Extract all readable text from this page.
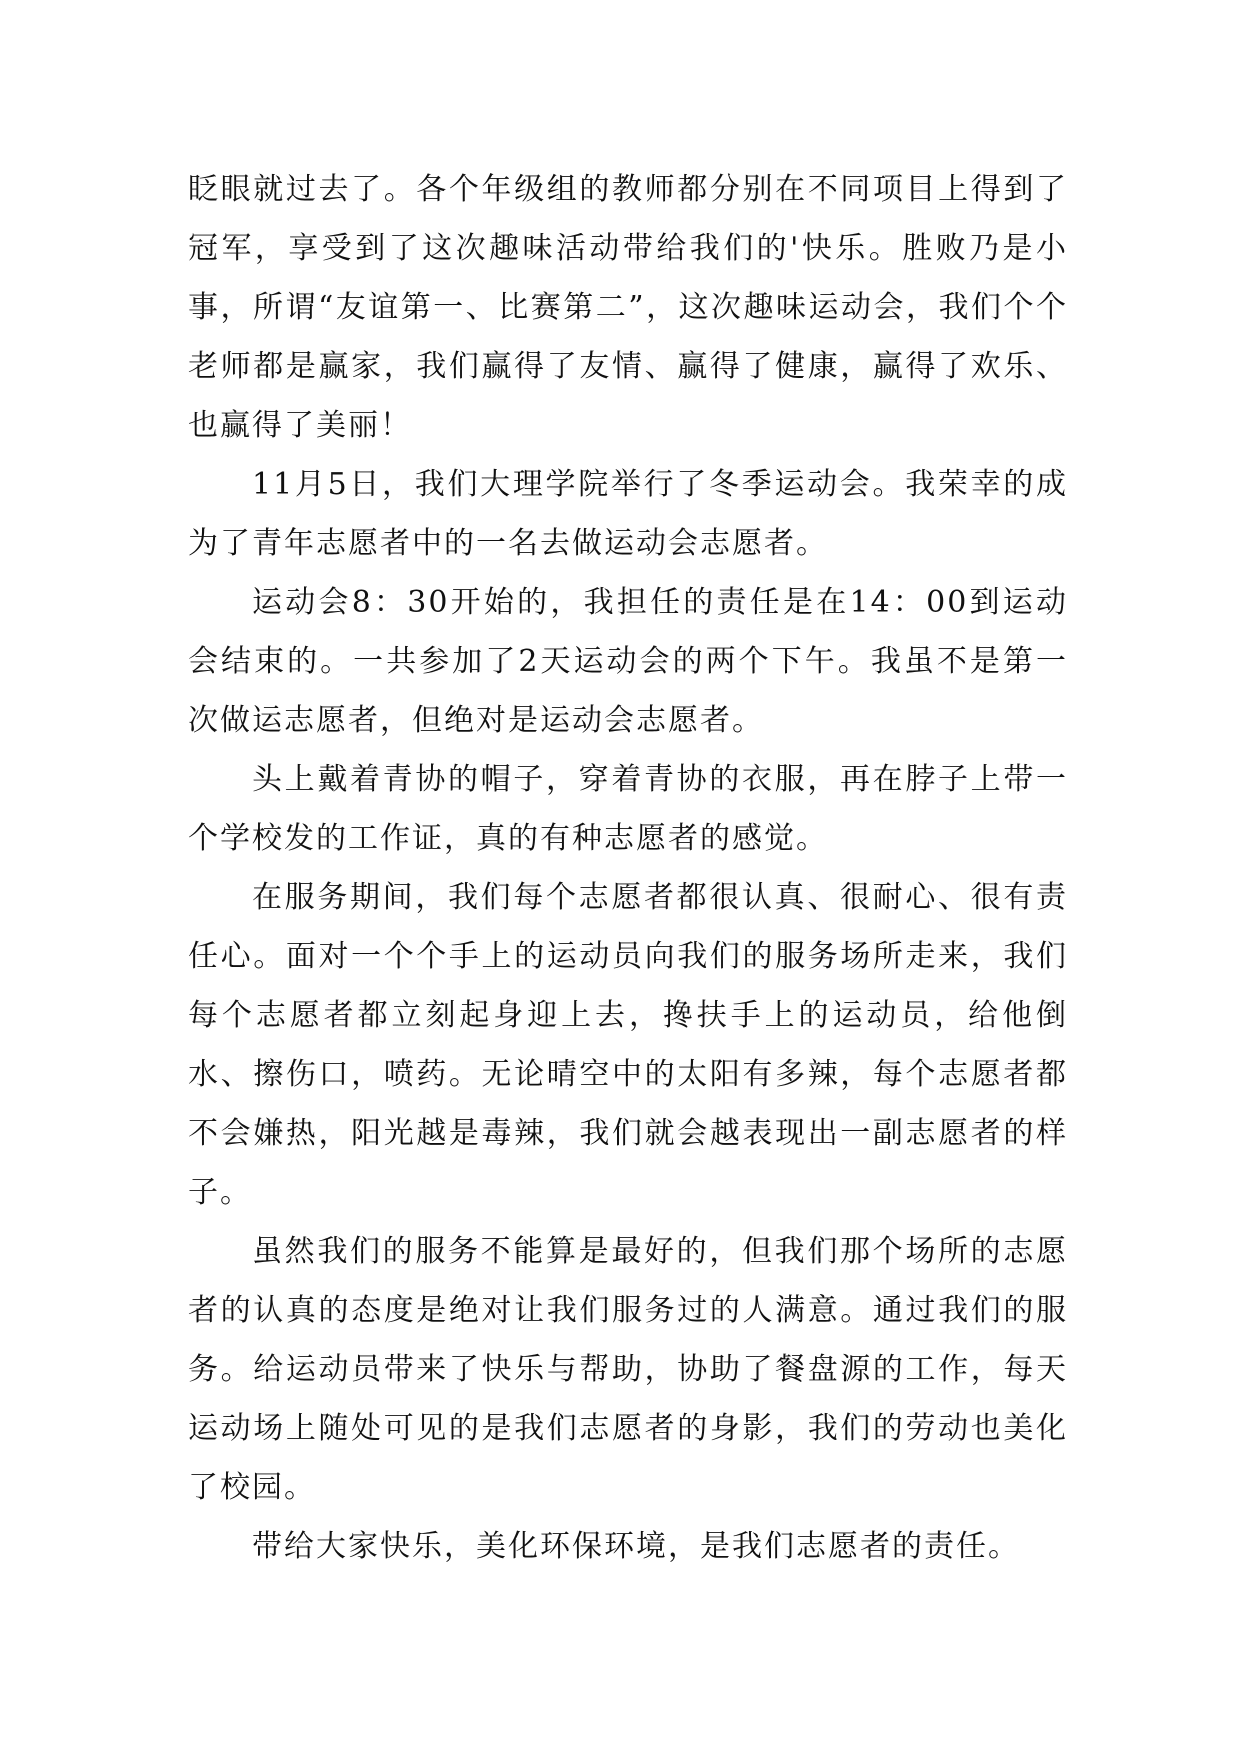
眨眼就过去了。各个年级组的教师都分别在不同项目上得到了冠军，享受到了这次趣味活动带给我们的'快乐。胜败乃是小事，所谓“友谊第一、比赛第二”，这次趣味运动会，我们个个老师都是赢家，我们赢得了友情、赢得了健康，赢得了欢乐、也赢得了美丽！

11月5日，我们大理学院举行了冬季运动会。我荣幸的成为了青年志愿者中的一名去做运动会志愿者。

运动会8：30开始的，我担任的责任是在14：00到运动会结束的。一共参加了2天运动会的两个下午。我虽不是第一次做运志愿者，但绝对是运动会志愿者。

头上戴着青协的帽子，穿着青协的衣服，再在脖子上带一个学校发的工作证，真的有种志愿者的感觉。

在服务期间，我们每个志愿者都很认真、很耐心、很有责任心。面对一个个手上的运动员向我们的服务场所走来，我们每个志愿者都立刻起身迎上去，搀扶手上的运动员，给他倒水、擦伤口，喷药。无论晴空中的太阳有多辣，每个志愿者都不会嫌热，阳光越是毒辣，我们就会越表现出一副志愿者的样子。

虽然我们的服务不能算是最好的，但我们那个场所的志愿者的认真的态度是绝对让我们服务过的人满意。通过我们的服务。给运动员带来了快乐与帮助，协助了餐盘源的工作，每天运动场上随处可见的是我们志愿者的身影，我们的劳动也美化了校园。

带给大家快乐，美化环保环境，是我们志愿者的责任。
